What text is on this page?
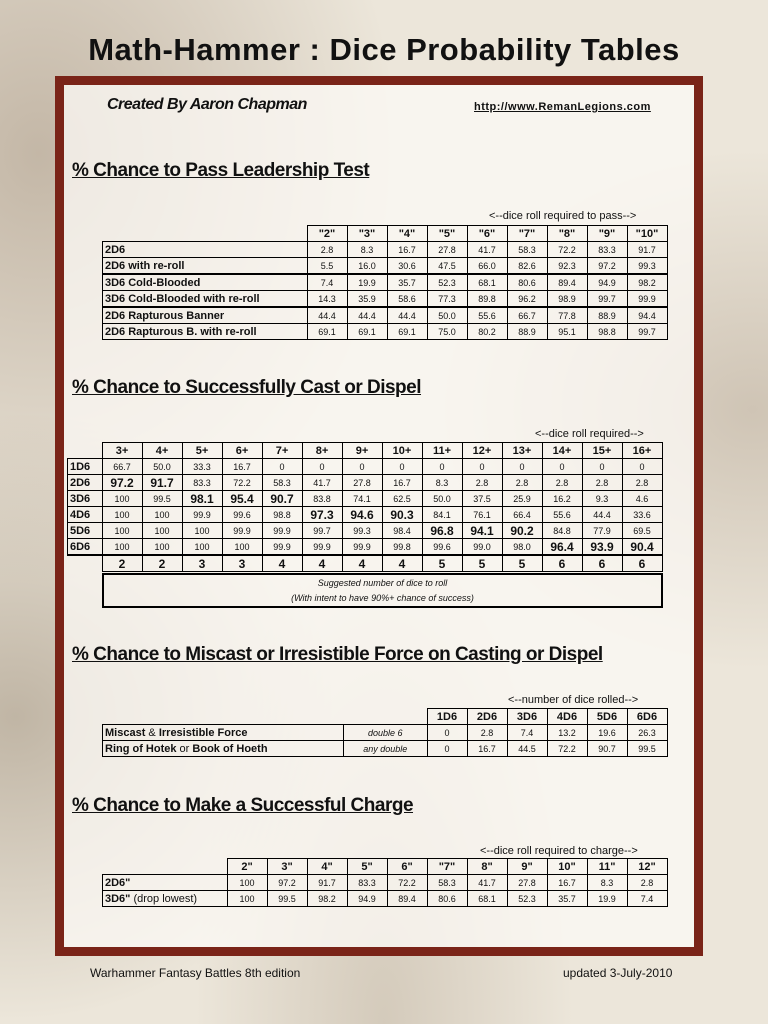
Math-Hammer : Dice Probability Tables
Created By Aaron Chapman	http://www.RemanLegions.com
% Chance to Pass Leadership Test
<--dice roll required to pass-->
	"2"	"3"	"4"	"5"	"6"	"7"	"8"	"9"	"10"
2D6	2.8	8.3	16.7	27.8	41.7	58.3	72.2	83.3	91.7
2D6 with re-roll	5.5	16.0	30.6	47.5	66.0	82.6	92.3	97.2	99.3
3D6 Cold-Blooded	7.4	19.9	35.7	52.3	68.1	80.6	89.4	94.9	98.2
3D6 Cold-Blooded with re-roll	14.3	35.9	58.6	77.3	89.8	96.2	98.9	99.7	99.9
2D6 Rapturous Banner	44.4	44.4	44.4	50.0	55.6	66.7	77.8	88.9	94.4
2D6 Rapturous B. with re-roll	69.1	69.1	69.1	75.0	80.2	88.9	95.1	98.8	99.7
% Chance to Successfully Cast or Dispel
<--dice roll required-->
	3+	4+	5+	6+	7+	8+	9+	10+	11+	12+	13+	14+	15+	16+
1D6	66.7	50.0	33.3	16.7	0	0	0	0	0	0	0	0	0	0
2D6	97.2	91.7	83.3	72.2	58.3	41.7	27.8	16.7	8.3	2.8	2.8	2.8	2.8	2.8
3D6	100	99.5	98.1	95.4	90.7	83.8	74.1	62.5	50.0	37.5	25.9	16.2	9.3	4.6
4D6	100	100	99.9	99.6	98.8	97.3	94.6	90.3	84.1	76.1	66.4	55.6	44.4	33.6
5D6	100	100	100	99.9	99.9	99.7	99.3	98.4	96.8	94.1	90.2	84.8	77.9	69.5
6D6	100	100	100	100	99.9	99.9	99.9	99.8	99.6	99.0	98.0	96.4	93.9	90.4
	2	2	3	3	4	4	4	4	5	5	5	6	6	6
Suggested number of dice to roll
(With intent to have 90%+ chance of success)
% Chance to Miscast or Irresistible Force on Casting or Dispel
<--number of dice rolled-->
		1D6	2D6	3D6	4D6	5D6	6D6
Miscast & Irresistible Force	double 6	0	2.8	7.4	13.2	19.6	26.3
Ring of Hotek or Book of Hoeth	any double	0	16.7	44.5	72.2	90.7	99.5
% Chance to Make a Successful Charge
<--dice roll required to charge-->
	2"	3"	4"	5"	6"	"7"	8"	9"	10"	11"	12"
2D6"	100	97.2	91.7	83.3	72.2	58.3	41.7	27.8	16.7	8.3	2.8
3D6" (drop lowest)	100	99.5	98.2	94.9	89.4	80.6	68.1	52.3	35.7	19.9	7.4
Warhammer Fantasy Battles 8th edition	updated 3-July-2010
